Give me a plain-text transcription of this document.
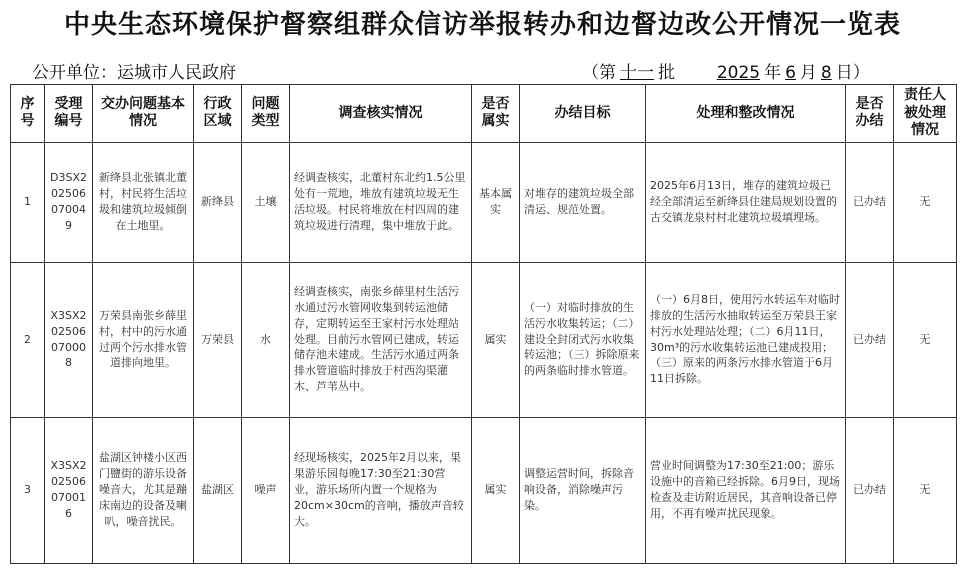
中央生态环境保护督察组群众信访举报转办和边督边改公开情况一览表
公开单位：运城市人民政府	（第 十一 批 2025 年 6 月 8 日）
序号	受理编号	交办问题基本情况	行政区域	问题类型	调查核实情况	是否属实	办结目标	处理和整改情况	是否办结	责任人被处理情况
1	D3SX202506070049	新绛县北张镇北董村，村民将生活垃圾和建筑垃圾倾倒在土地里。	新绛县	土壤	经调查核实，北董村东北约1.5公里处有一荒地，堆放有建筑垃圾无生活垃圾。村民将堆放在村四周的建筑垃圾进行清理，集中堆放于此。	基本属实	对堆存的建筑垃圾全部清运、规范处置。	2025年6月13日，堆存的建筑垃圾已经全部清运至新绛县住建局规划设置的古交镇龙泉村村北建筑垃圾填埋场。	已办结	无
2	X3SX202506070008	万荣县南张乡薛里村，村中的污水通过两个污水排水管道排向地里。	万荣县	水	经调查核实，南张乡薛里村生活污水通过污水管网收集到转运池储存，定期转运至王家村污水处理站处理。目前污水管网已建成，转运储存池未建成。生活污水通过两条排水管道临时排放于村西沟渠灌木、芦苇丛中。	属实	（一）对临时排放的生活污水收集转运；（二）建设全封闭式污水收集转运池；（三）拆除原来的两条临时排水管道。	（一）6月8日，使用污水转运车对临时排放的生活污水抽取转运至万荣县王家村污水处理站处理；（二）6月11日，30m³的污水收集转运池已建成投用；（三）原来的两条污水排水管道于6月11日拆除。	已办结	无
3	X3SX202506070016	盐湖区钟楼小区西门鹽街的游乐设备噪音大，尤其是蹦床南边的设备及喇叭，噪音扰民。	盐湖区	噪声	经现场核实，2025年2月以来，果果游乐园每晚17:30至21:30营业，游乐场所内置一个规格为20cm×30cm的音响，播放声音较大。	属实	调整运营时间，拆除音响设备，消除噪声污染。	营业时间调整为17:30至21:00；游乐设施中的音箱已经拆除。6月9日，现场检查及走访附近居民，其音响设备已停用，不再有噪声扰民现象。	已办结	无
